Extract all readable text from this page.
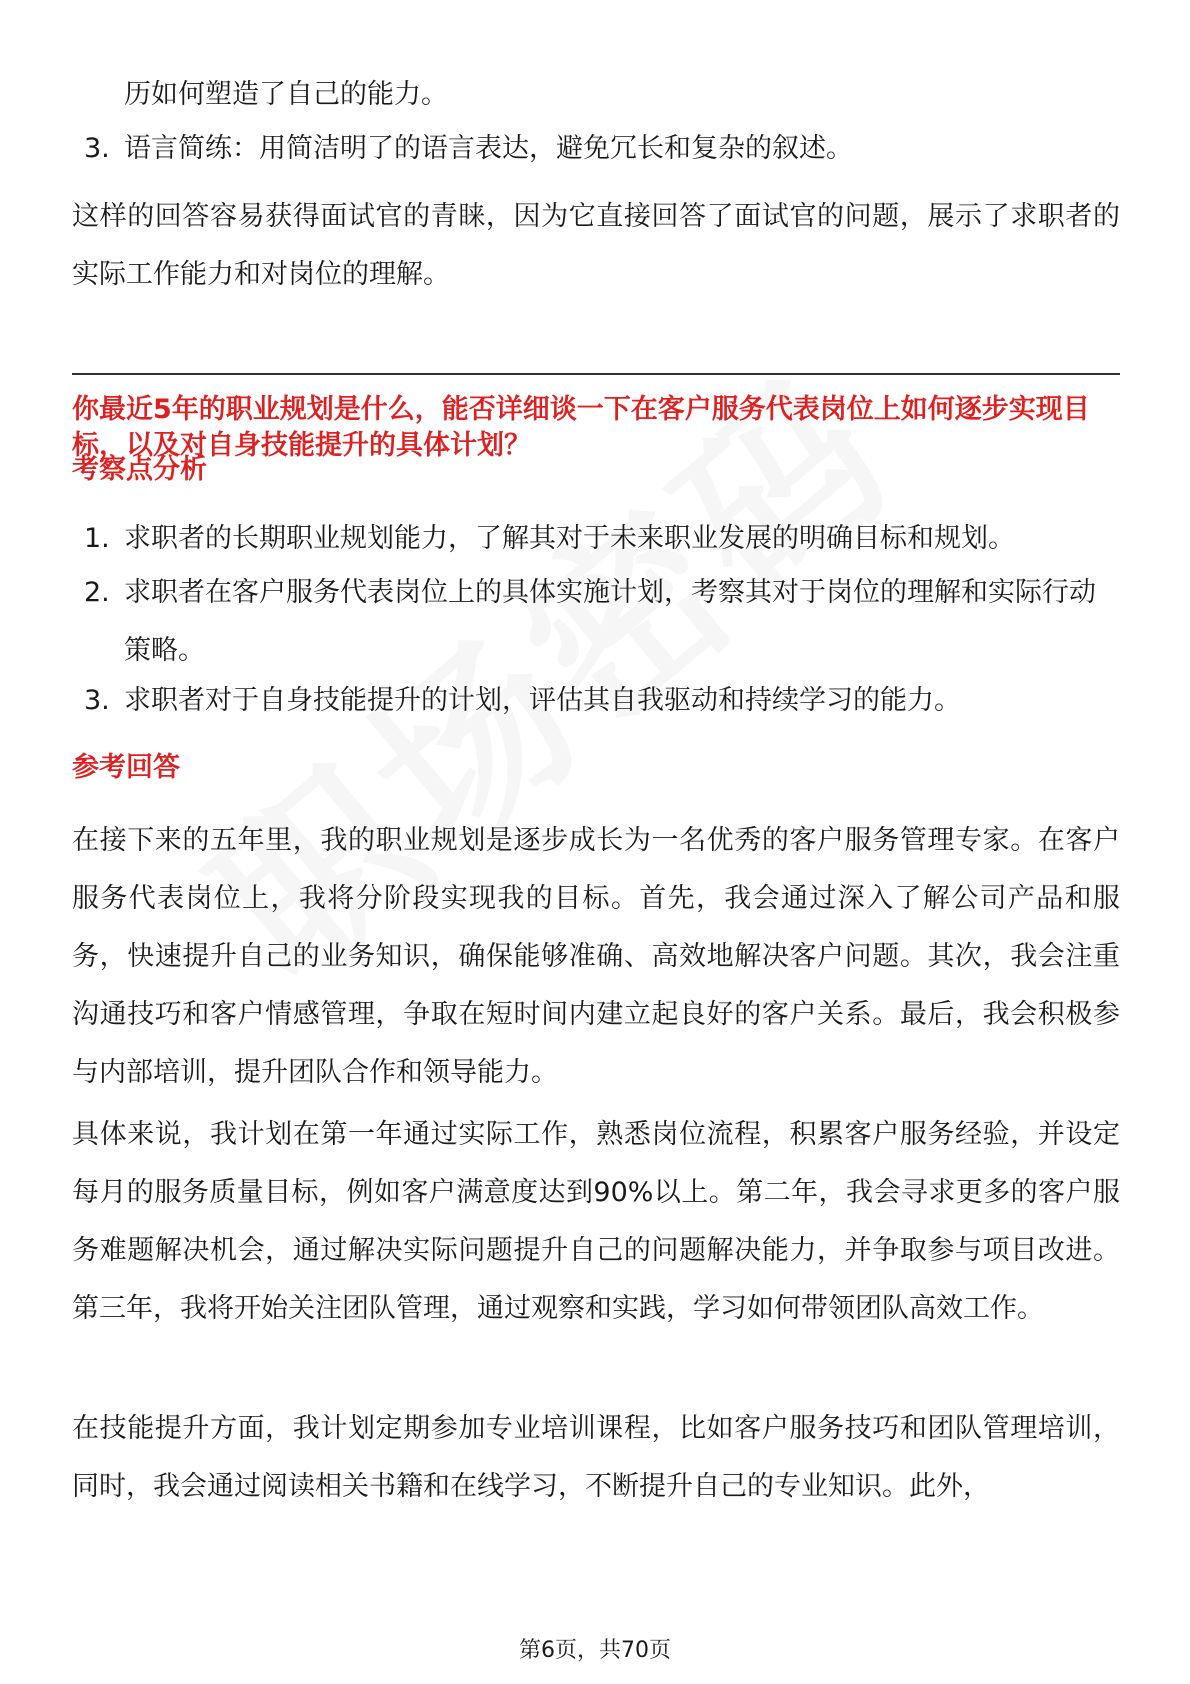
历如何塑造了自己的能力。
3. 语言简练：用简洁明了的语言表达，避免冗长和复杂的叙述。
这样的回答容易获得面试官的青睐，因为它直接回答了面试官的问题，展示了求职者的实际工作能力和对岗位的理解。
你最近5年的职业规划是什么，能否详细谈一下在客户服务代表岗位上如何逐步实现目标，以及对自身技能提升的具体计划？
考察点分析
1. 求职者的长期职业规划能力，了解其对于未来职业发展的明确目标和规划。
2. 求职者在客户服务代表岗位上的具体实施计划，考察其对于岗位的理解和实际行动策略。
3. 求职者对于自身技能提升的计划，评估其自我驱动和持续学习的能力。
参考回答
在接下来的五年里，我的职业规划是逐步成长为一名优秀的客户服务管理专家。在客户服务代表岗位上，我将分阶段实现我的目标。首先，我会通过深入了解公司产品和服务，快速提升自己的业务知识，确保能够准确、高效地解决客户问题。其次，我会注重沟通技巧和客户情感管理，争取在短时间内建立起良好的客户关系。最后，我会积极参与内部培训，提升团队合作和领导能力。
具体来说，我计划在第一年通过实际工作，熟悉岗位流程，积累客户服务经验，并设定每月的服务质量目标，例如客户满意度达到90%以上。第二年，我会寻求更多的客户服务难题解决机会，通过解决实际问题提升自己的问题解决能力，并争取参与项目改进。第三年，我将开始关注团队管理，通过观察和实践，学习如何带领团队高效工作。
在技能提升方面，我计划定期参加专业培训课程，比如客户服务技巧和团队管理培训，同时，我会通过阅读相关书籍和在线学习，不断提升自己的专业知识。此外，
第6页，共70页
